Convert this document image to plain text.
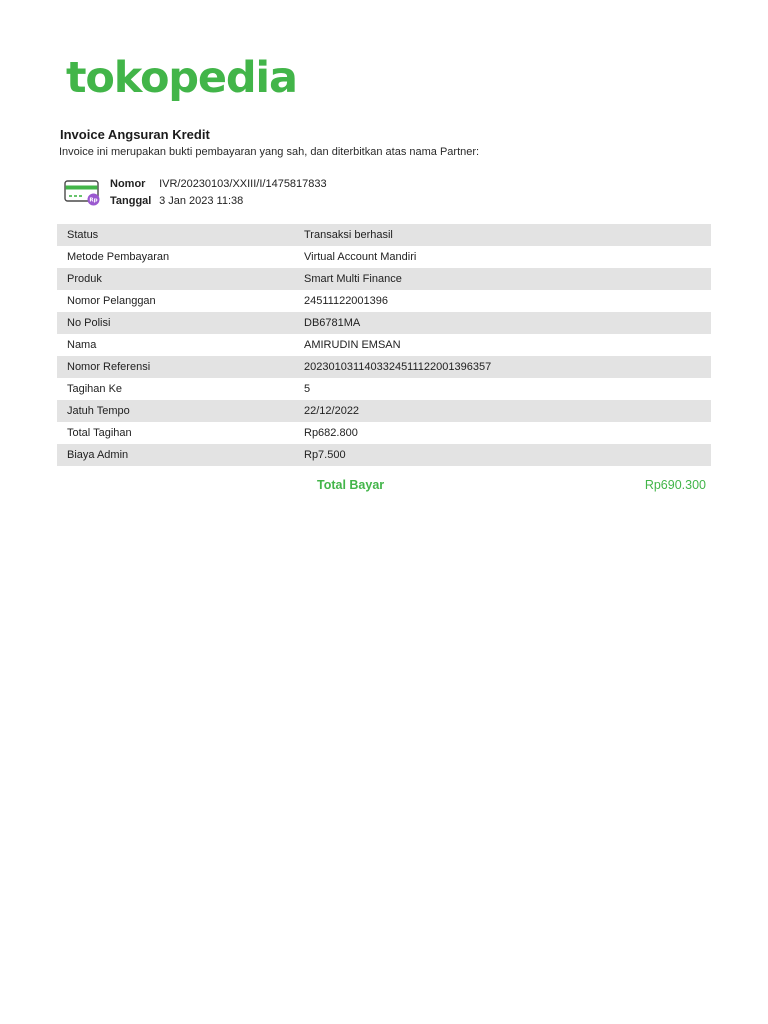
tokopedia
Invoice Angsuran Kredit
Invoice ini merupakan bukti pembayaran yang sah, dan diterbitkan atas nama Partner:
Rp
Nomor IVR/20230103/XXIII/I/1475817833
Tanggal 3 Jan 2023 11:38
Status	Transaksi berhasil
Metode Pembayaran	Virtual Account Mandiri
Produk	Smart Multi Finance
Nomor Pelanggan	24511122001396
No Polisi	DB6781MA
Nama	AMIRUDIN EMSAN
Nomor Referensi	20230103114033245111220013963​57
Tagihan Ke	5
Jatuh Tempo	22/12/2022
Total Tagihan	Rp682.800
Biaya Admin	Rp7.500
Total Bayar	Rp690.300
